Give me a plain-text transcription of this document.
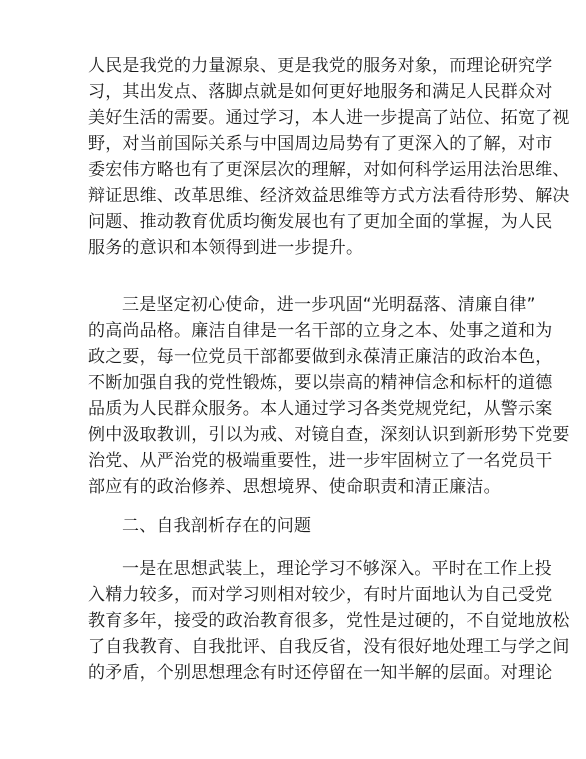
人民是我党的力量源泉、更是我党的服务对象，而理论研究学
习，其出发点、落脚点就是如何更好地服务和满足人民群众对
美好生活的需要。通过学习，本人进一步提高了站位、拓宽了视
野，对当前国际关系与中国周边局势有了更深入的了解，对市
委宏伟方略也有了更深层次的理解，对如何科学运用法治思维、
辩证思维、改革思维、经济效益思维等方式方法看待形势、解决
问题、推动教育优质均衡发展也有了更加全面的掌握，为人民
服务的意识和本领得到进一步提升。
三是坚定初心使命，进一步巩固“光明磊落、清廉自律”
的高尚品格。廉洁自律是一名干部的立身之本、处事之道和为
政之要，每一位党员干部都要做到永葆清正廉洁的政治本色，
不断加强自我的党性锻炼，要以崇高的精神信念和标杆的道德
品质为人民群众服务。本人通过学习各类党规党纪，从警示案
例中汲取教训，引以为戒、对镜自查，深刻认识到新形势下党要
治党、从严治党的极端重要性，进一步牢固树立了一名党员干
部应有的政治修养、思想境界、使命职责和清正廉洁。
二、自我剖析存在的问题
一是在思想武装上，理论学习不够深入。平时在工作上投
入精力较多，而对学习则相对较少，有时片面地认为自己受党
教育多年，接受的政治教育很多，党性是过硬的，不自觉地放松
了自我教育、自我批评、自我反省，没有很好地处理工与学之间
的矛盾，个别思想理念有时还停留在一知半解的层面。对理论
